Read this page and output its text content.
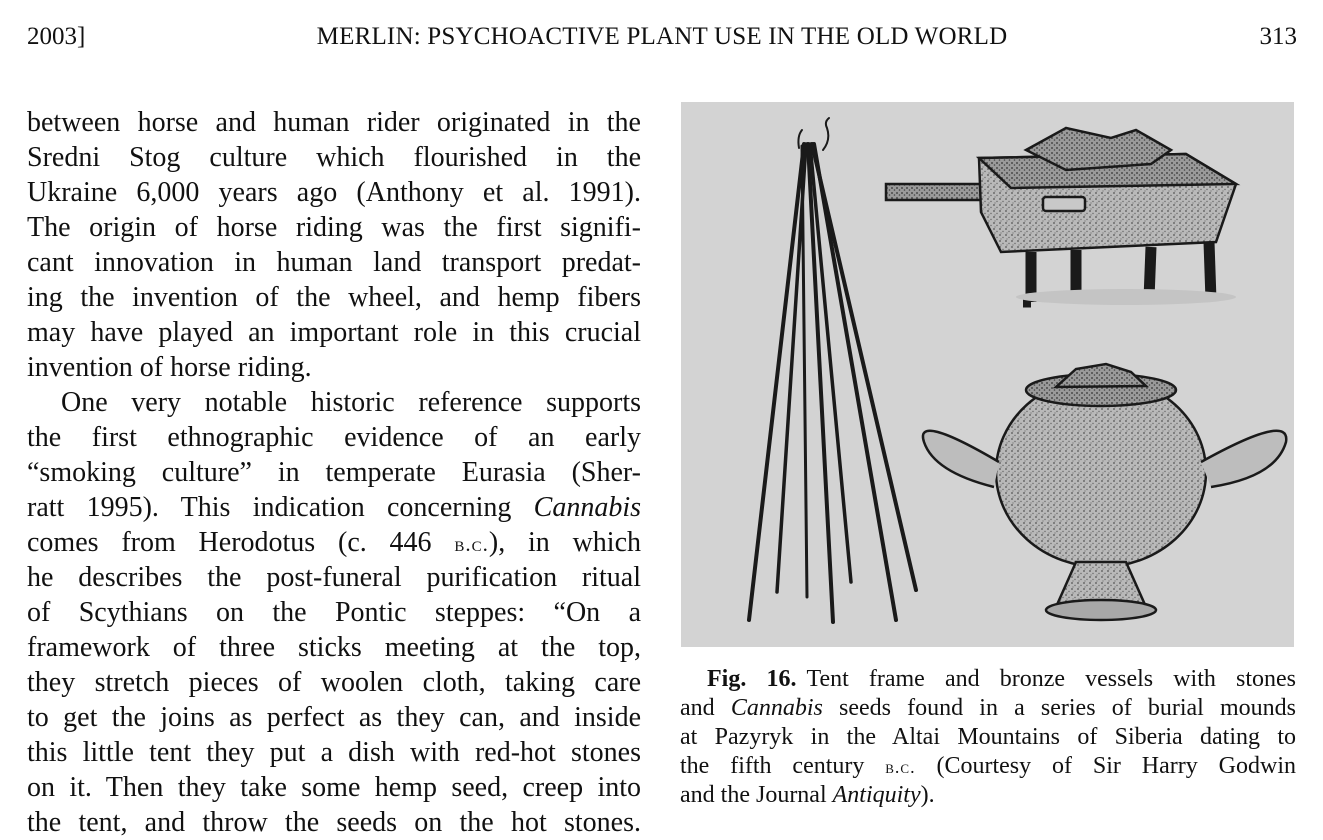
2003]	MERLIN: PSYCHOACTIVE PLANT USE IN THE OLD WORLD	313
between horse and human rider originated in the
Sredni Stog culture which flourished in the
Ukraine 6,000 years ago (Anthony et al. 1991).
The origin of horse riding was the first signifi-
cant innovation in human land transport predat-
ing the invention of the wheel, and hemp fibers
may have played an important role in this crucial
invention of horse riding.
One very notable historic reference supports
the first ethnographic evidence of an early
“smoking culture” in temperate Eurasia (Sher-
ratt 1995). This indication concerning Cannabis
comes from Herodotus (c. 446 b.c.), in which
he describes the post-funeral purification ritual
of Scythians on the Pontic steppes: “On a
framework of three sticks meeting at the top,
they stretch pieces of woolen cloth, taking care
to get the joins as perfect as they can, and inside
this little tent they put a dish with red-hot stones
on it. Then they take some hemp seed, creep into
the tent, and throw the seeds on the hot stones.
Fig. 16. Tent frame and bronze vessels with stones
and Cannabis seeds found in a series of burial mounds
at Pazyryk in the Altai Mountains of Siberia dating to
the fifth century b.c. (Courtesy of Sir Harry Godwin
and the Journal Antiquity).
